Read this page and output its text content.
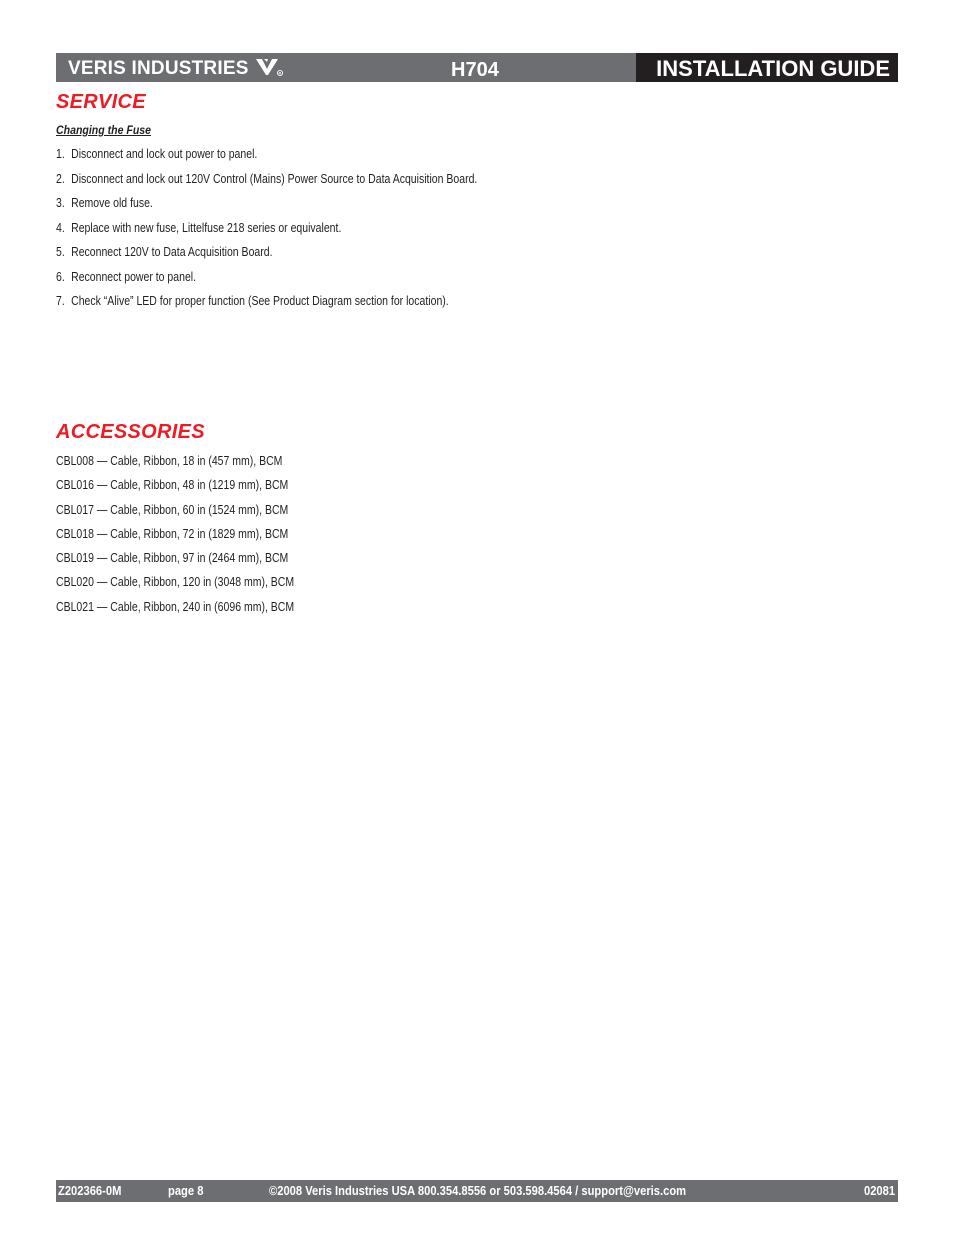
VERIS INDUSTRIES	R	H704	INSTALLATION GUIDE
SERVICE
Changing the Fuse
1. Disconnect and lock out power to panel.
2. Disconnect and lock out 120V Control (Mains) Power Source to Data Acquisition Board.
3. Remove old fuse.
4. Replace with new fuse, Littelfuse 218 series or equivalent.
5. Reconnect 120V to Data Acquisition Board.
6. Reconnect power to panel.
7. Check “Alive” LED for proper function (See Product Diagram section for location).
ACCESSORIES
CBL008 — Cable, Ribbon, 18 in (457 mm), BCM
CBL016 — Cable, Ribbon, 48 in (1219 mm), BCM
CBL017 — Cable, Ribbon, 60 in (1524 mm), BCM
CBL018 — Cable, Ribbon, 72 in (1829 mm), BCM
CBL019 — Cable, Ribbon, 97 in (2464 mm), BCM
CBL020 — Cable, Ribbon, 120 in (3048 mm), BCM
CBL021 — Cable, Ribbon, 240 in (6096 mm), BCM
Z202366-0M	page 8	©2008 Veris Industries USA 800.354.8556 or 503.598.4564 / support@veris.com	02081
